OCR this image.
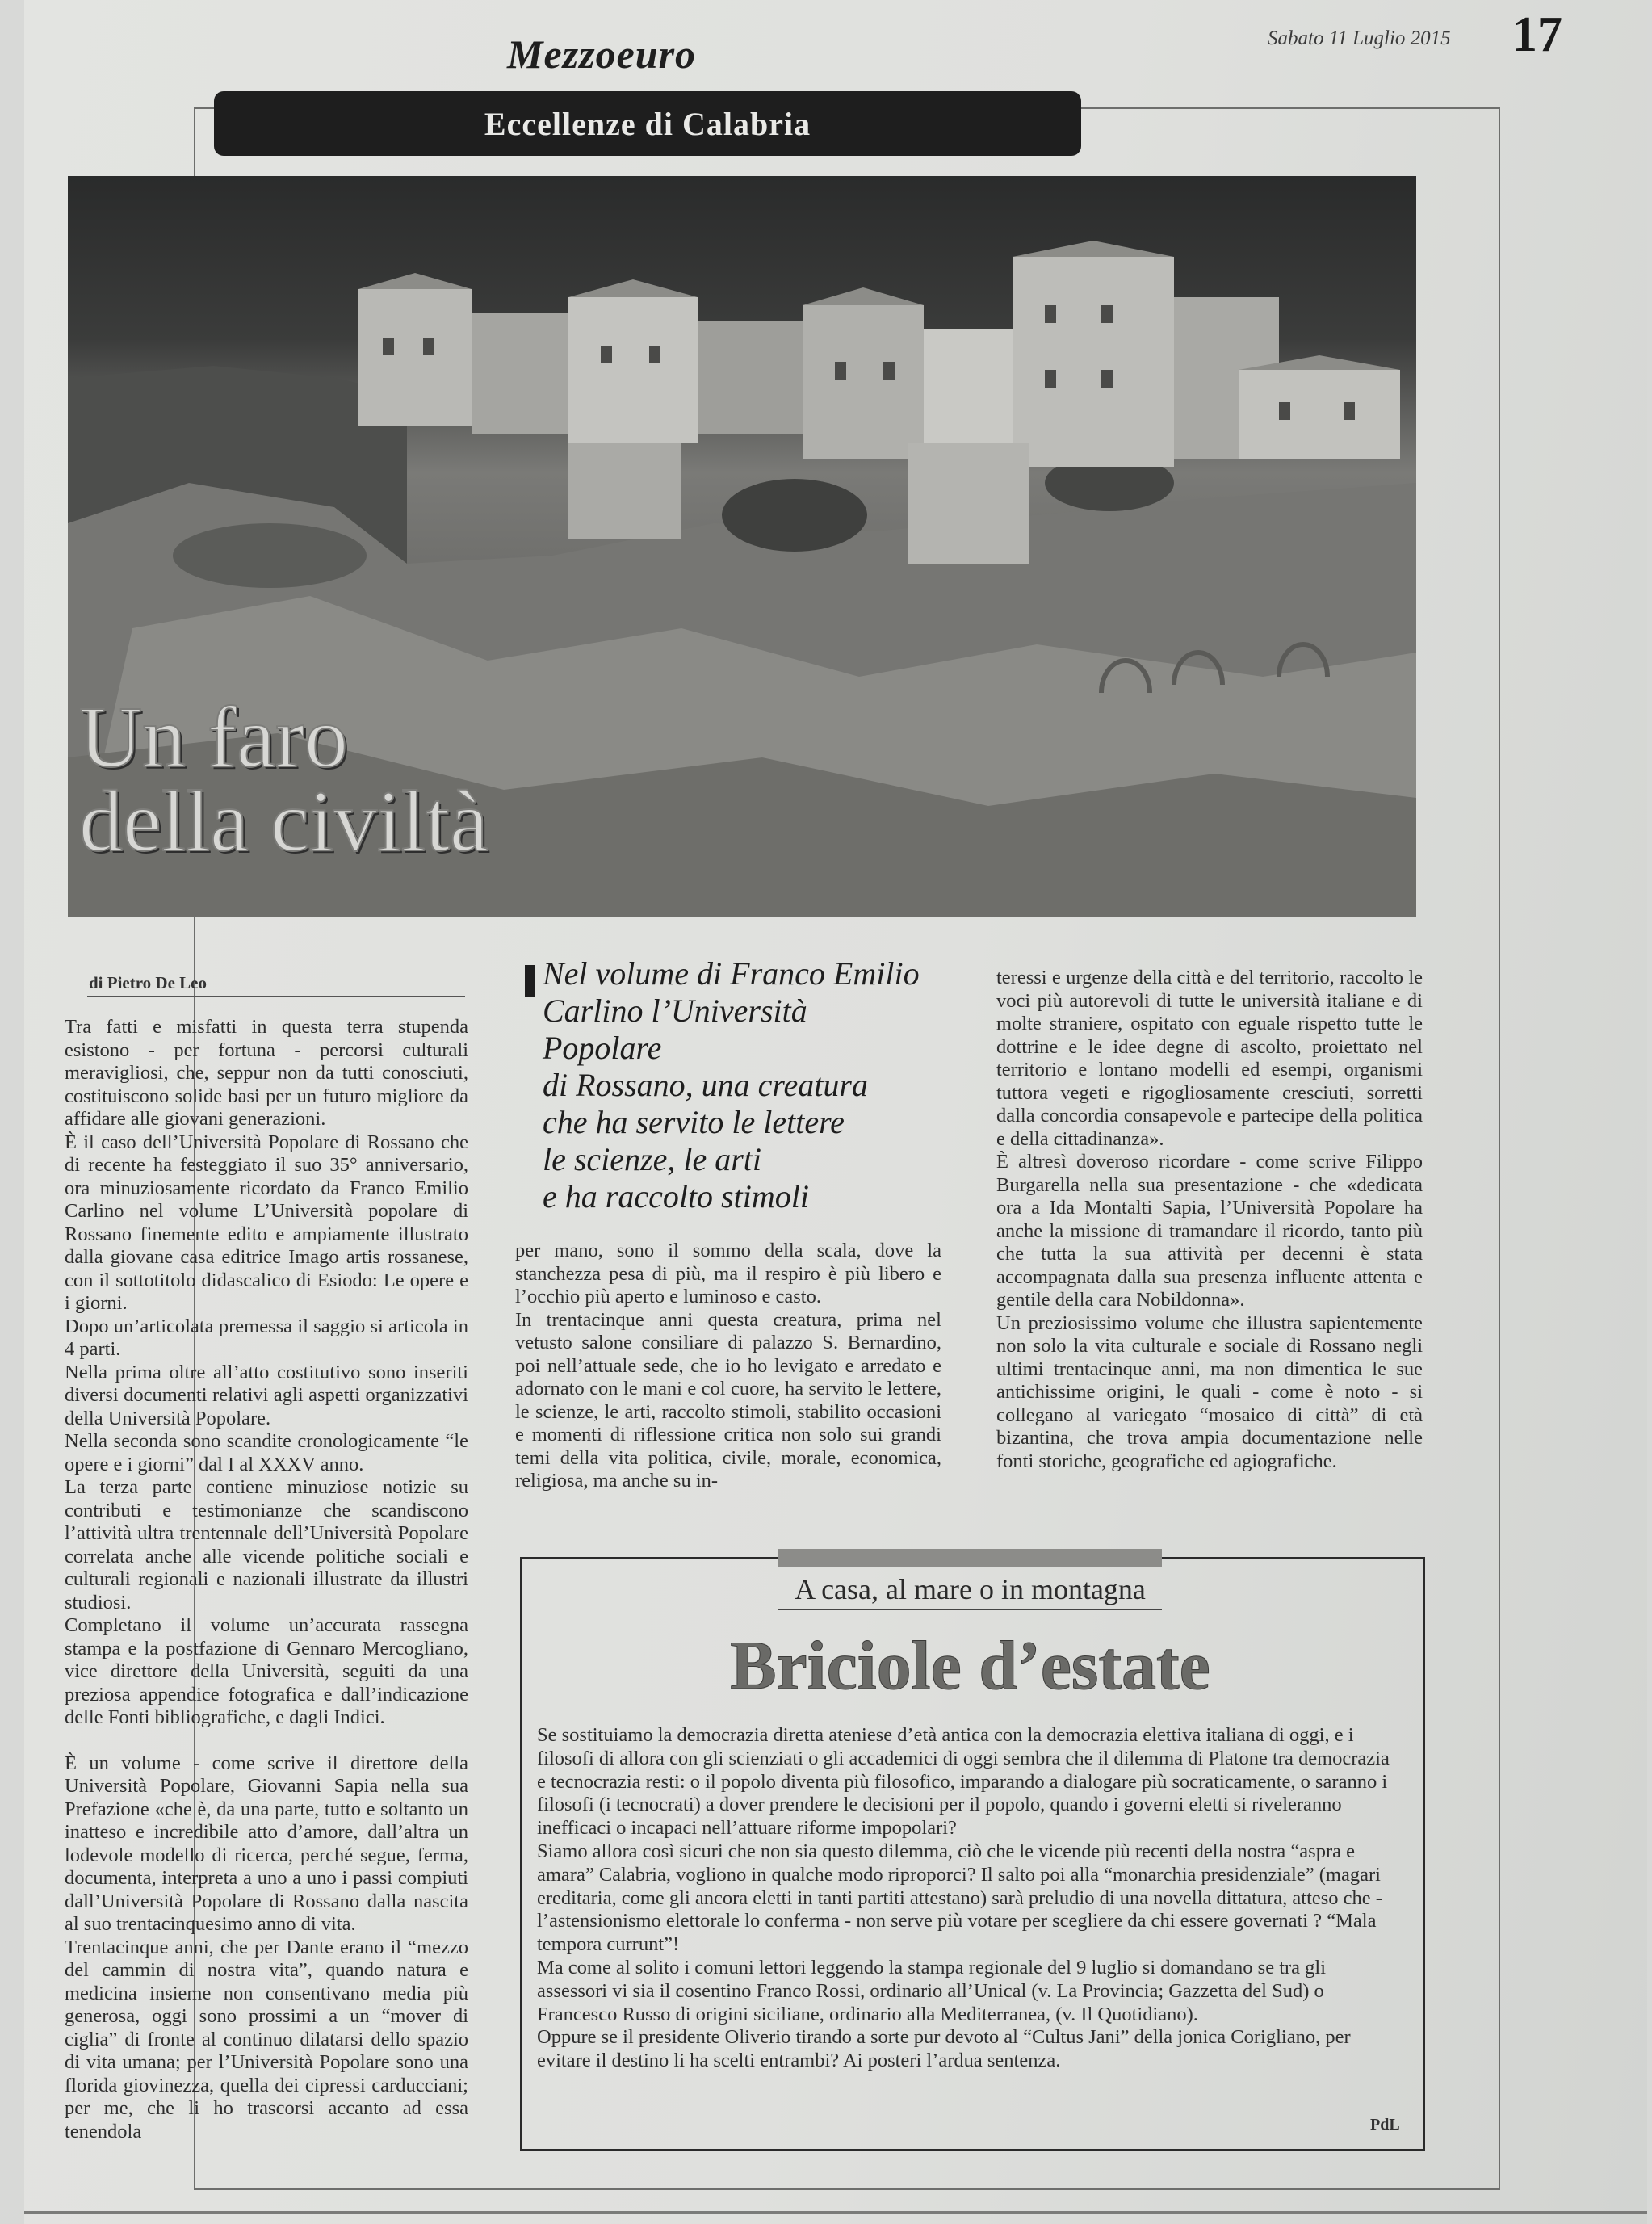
Mezzoeuro	Sabato 11 Luglio 2015 17
Eccellenze di Calabria
Un faro
della civiltà
di Pietro De Leo

Tra fatti e misfatti in questa terra stupenda esistono - per fortuna - percorsi culturali meravigliosi, che, seppur non da tutti conosciuti, costituiscono solide basi per un futuro migliore da affidare alle giovani generazioni.

È il caso dell’Università Popolare di Rossano che di recente ha festeggiato il suo 35° anniversario, ora minuziosamente ricordato da Franco Emilio Carlino nel volume L’Università popolare di Rossano finemente edito e ampiamente illustrato dalla giovane casa editrice Imago artis rossanese, con il sottotitolo didascalico di Esiodo: Le opere e i giorni.

Dopo un’articolata premessa il saggio si articola in 4 parti.

Nella prima oltre all’atto costitutivo sono inseriti diversi documenti relativi agli aspetti organizzativi della Università Popolare.

Nella seconda sono scandite cronologicamente “le opere e i giorni” dal I al XXXV anno.

La terza parte contiene minuziose notizie su contributi e testimonianze che scandiscono l’attività ultra trentennale dell’Università Popolare correlata anche alle vicende politiche sociali e culturali regionali e nazionali illustrate da illustri studiosi.

Completano il volume un’accurata rassegna stampa e la postfazione di Gennaro Mercogliano, vice direttore della Università, seguiti da una preziosa appendice fotografica e dall’indicazione delle Fonti bibliografiche, e dagli Indici.

È un volume - come scrive il direttore della Università Popolare, Giovanni Sapia nella sua Prefazione «che è, da una parte, tutto e soltanto un inatteso e incredibile atto d’amore, dall’altra un lodevole modello di ricerca, perché segue, ferma, documenta, interpreta a uno a uno i passi compiuti dall’Università Popolare di Rossano dalla nascita al suo trentacinquesimo anno di vita.

Trentacinque anni, che per Dante erano il “mezzo del cammin di nostra vita”, quando natura e medicina insieme non consentivano media più generosa, oggi sono prossimi a un “mover di ciglia” di fronte al continuo dilatarsi dello spazio di vita umana; per l’Università Popolare sono una florida giovinezza, quella dei cipressi carducciani; per me, che li ho trascorsi accanto ad essa tenendola

Nel volume di Franco Emilio
Carlino l’Università Popolare
di Rossano, una creatura
che ha servito le lettere
le scienze, le arti
e ha raccolto stimoli

per mano, sono il sommo della scala, dove la stanchezza pesa di più, ma il respiro è più libero e l’occhio più aperto e luminoso e casto.

In trentacinque anni questa creatura, prima nel vetusto salone consiliare di palazzo S. Bernardino, poi nell’attuale sede, che io ho levigato e arredato e adornato con le mani e col cuore, ha servito le lettere, le scienze, le arti, raccolto stimoli, stabilito occasioni e momenti di riflessione critica non solo sui grandi temi della vita politica, civile, morale, economica, religiosa, ma anche su in-

teressi e urgenze della città e del territorio, raccolto le voci più autorevoli di tutte le università italiane e di molte straniere, ospitato con eguale rispetto tutte le dottrine e le idee degne di ascolto, proiettato nel territorio e lontano modelli ed esempi, organismi tuttora vegeti e rigogliosamente cresciuti, sorretti dalla concordia consapevole e partecipe della politica e della cittadinanza».

È altresì doveroso ricordare - come scrive Filippo Burgarella nella sua presentazione - che «dedicata ora a Ida Montalti Sapia, l’Università Popolare ha anche la missione di tramandare il ricordo, tanto più che tutta la sua attività per decenni è stata accompagnata dalla sua presenza influente attenta e gentile della cara Nobildonna».

Un preziosissimo volume che illustra sapientemente non solo la vita culturale e sociale di Rossano negli ultimi trentacinque anni, ma non dimentica le sue antichissime origini, le quali - come è noto - si collegano al variegato “mosaico di città” di età bizantina, che trova ampia documentazione nelle fonti storiche, geografiche ed agiografiche.

A casa, al mare o in montagna
Briciole d’estate

Se sostituiamo la democrazia diretta ateniese d’età antica con la democrazia elettiva italiana di oggi, e i filosofi di allora con gli scienziati o gli accademici di oggi sembra che il dilemma di Platone tra democrazia e tecnocrazia resti: o il popolo diventa più filosofico, imparando a dialogare più socraticamente, o saranno i filosofi (i tecnocrati) a dover prendere le decisioni per il popolo, quando i governi eletti si riveleranno inefficaci o incapaci nell’attuare riforme impopolari?

Siamo allora così sicuri che non sia questo dilemma, ciò che le vicende più recenti della nostra “aspra e amara” Calabria, vogliono in qualche modo riproporci? Il salto poi alla “monarchia presidenziale” (magari ereditaria, come gli ancora eletti in tanti partiti attestano) sarà preludio di una novella dittatura, atteso che - l’astensionismo elettorale lo conferma - non serve più votare per scegliere da chi essere governati ? “Mala tempora currunt”!

Ma come al solito i comuni lettori leggendo la stampa regionale del 9 luglio si domandano se tra gli assessori vi sia il cosentino Franco Rossi, ordinario all’Unical (v. La Provincia; Gazzetta del Sud) o Francesco Russo di origini siciliane, ordinario alla Mediterranea, (v. Il Quotidiano).

Oppure se il presidente Oliverio tirando a sorte pur devoto al “Cultus Jani” della jonica Corigliano, per evitare il destino li ha scelti entrambi? Ai posteri l’ardua sentenza.

PdL
